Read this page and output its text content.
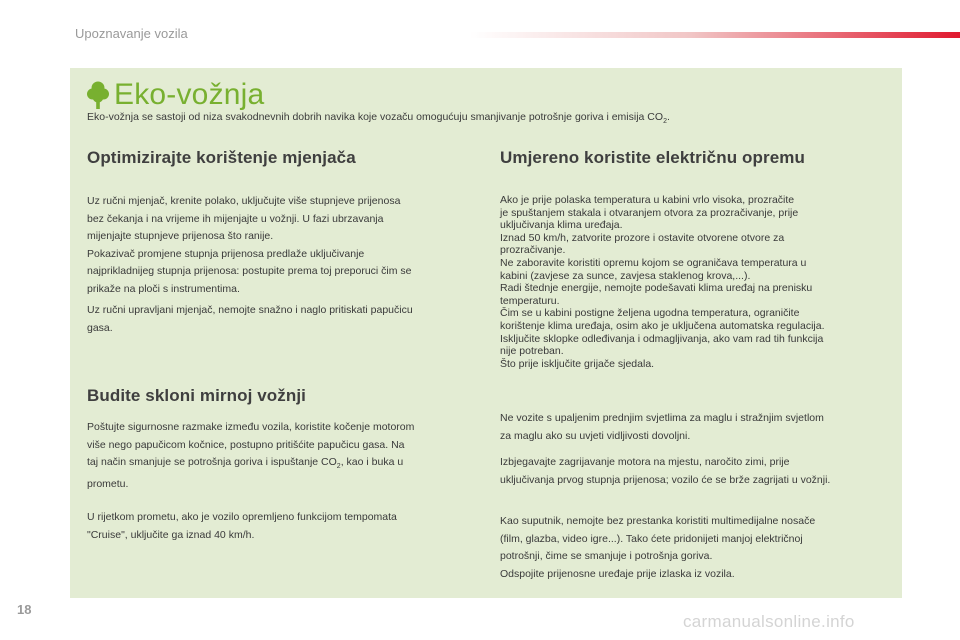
Upoznavanje vozila
Eko-vožnja
Eko-vožnja se sastoji od niza svakodnevnih dobrih navika koje vozaču omogućuju smanjivanje potrošnje goriva i emisija $CO_2$.
Optimizirajte korištenje mjenjača
Uz ručni mjenjač, krenite polako, uključujte više stupnjeve prijenosa
bez čekanja i na vrijeme ih mijenjajte u vožnji. U fazi ubrzavanja
mijenjajte stupnjeve prijenosa što ranije.
Pokazivač promjene stupnja prijenosa predlaže uključivanje
najprikladnijeg stupnja prijenosa: postupite prema toj preporuci čim se
prikaže na ploči s instrumentima.
Uz ručni upravljani mjenjač, nemojte snažno i naglo pritiskati papučicu
gasa.
Budite skloni mirnoj vožnji
Poštujte sigurnosne razmake između vozila, koristite kočenje motorom
više nego papučicom kočnice, postupno pritišćite papučicu gasa. Na
taj način smanjuje se potrošnja goriva i ispuštanje $CO_2$, kao i buka u
prometu.
U rijetkom prometu, ako je vozilo opremljeno funkcijom tempomata
"Cruise", uključite ga iznad 40 km/h.
Umjereno koristite električnu opremu
Ako je prije polaska temperatura u kabini vrlo visoka, prozračite
je spuštanjem stakala i otvaranjem otvora za prozračivanje, prije
uključivanja klima uređaja.
Iznad 50 km/h, zatvorite prozore i ostavite otvorene otvore za
prozračivanje.
Ne zaboravite koristiti opremu kojom se ograničava temperatura u
kabini (zavjese za sunce, zavjesa staklenog krova,...).
Radi štednje energije, nemojte podešavati klima uređaj na prenisku
temperaturu.
Čim se u kabini postigne željena ugodna temperatura, ograničite
korištenje klima uređaja, osim ako je uključena automatska regulacija.
Isključite sklopke odleđivanja i odmagljivanja, ako vam rad tih funkcija
nije potreban.
Što prije isključite grijače sjedala.
Ne vozite s upaljenim prednjim svjetlima za maglu i stražnjim svjetlom
za maglu ako su uvjeti vidljivosti dovoljni.
Izbjegavajte zagrijavanje motora na mjestu, naročito zimi, prije
uključivanja prvog stupnja prijenosa; vozilo će se brže zagrijati u vožnji.
Kao suputnik, nemojte bez prestanka koristiti multimedijalne nosače
(film, glazba, video igre...). Tako ćete pridonijeti manjoj električnoj
potrošnji, čime se smanjuje i potrošnja goriva.
Odspojite prijenosne uređaje prije izlaska iz vozila.
18
carmanualsonline.info
